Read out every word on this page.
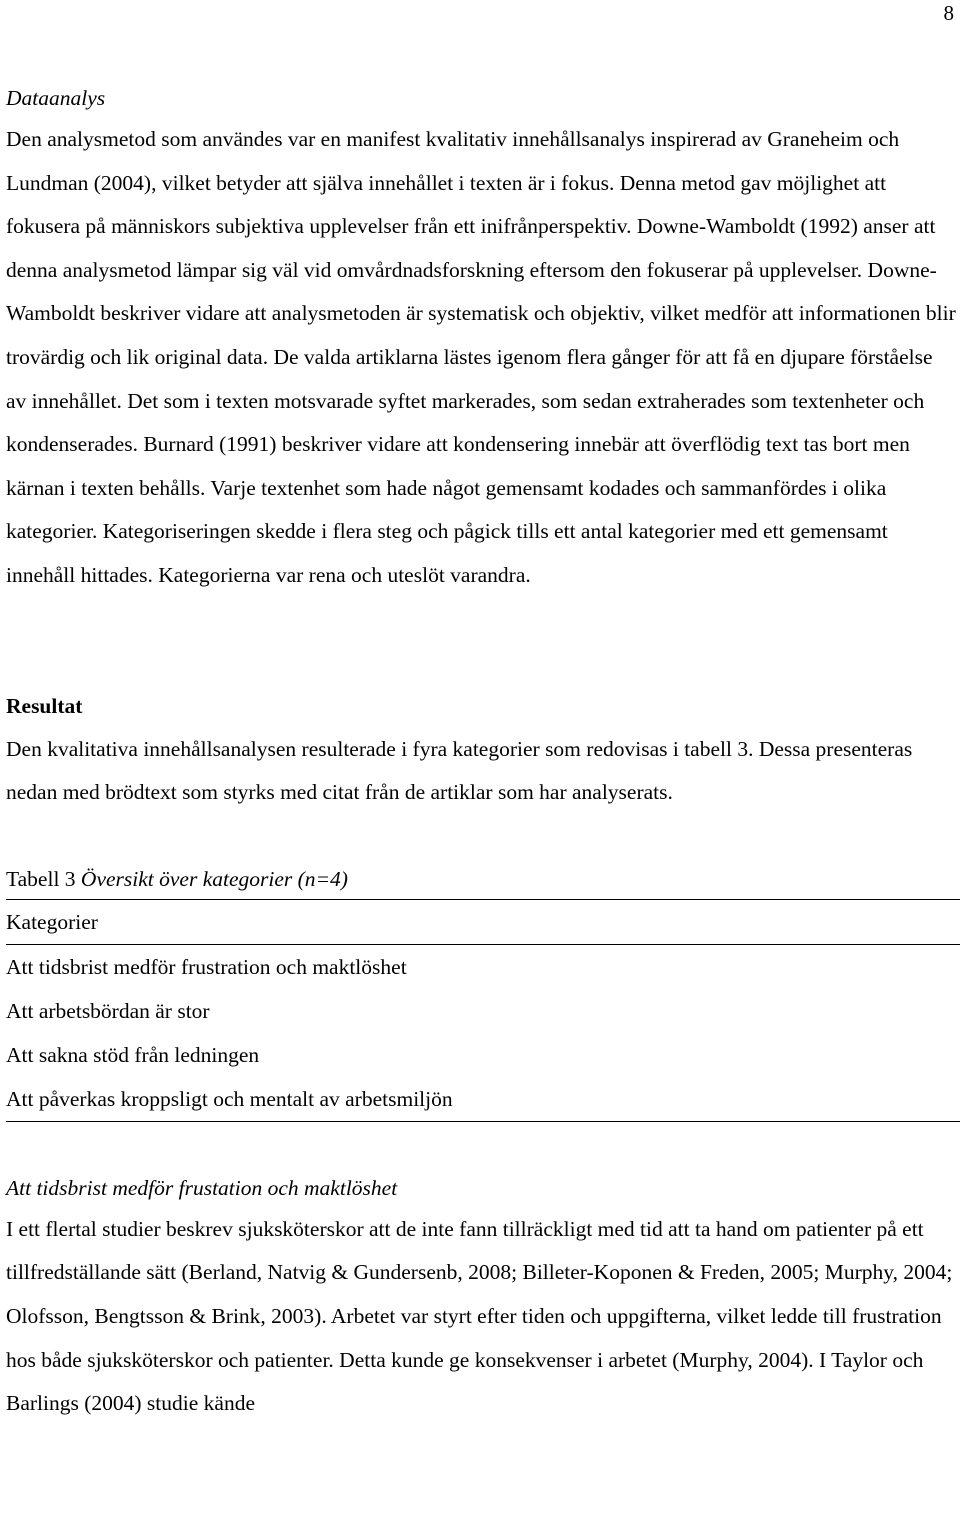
8

Dataanalys

Den analysmetod som användes var en manifest kvalitativ innehållsanalys inspirerad av Graneheim och Lundman (2004), vilket betyder att själva innehållet i texten är i fokus. Denna metod gav möjlighet att fokusera på människors subjektiva upplevelser från ett inifrånperspektiv. Downe-Wamboldt (1992) anser att denna analysmetod lämpar sig väl vid omvårdnadsforskning eftersom den fokuserar på upplevelser. Downe-Wamboldt beskriver vidare att analysmetoden är systematisk och objektiv, vilket medför att informationen blir trovärdig och lik original data. De valda artiklarna lästes igenom flera gånger för att få en djupare förståelse av innehållet. Det som i texten motsvarade syftet markerades, som sedan extraherades som textenheter och kondenserades. Burnard (1991) beskriver vidare att kondensering innebär att överflödig text tas bort men kärnan i texten behålls. Varje textenhet som hade något gemensamt kodades och sammanfördes i olika kategorier. Kategoriseringen skedde i flera steg och pågick tills ett antal kategorier med ett gemensamt innehåll hittades. Kategorierna var rena och uteslöt varandra.

Resultat

Den kvalitativa innehållsanalysen resulterade i fyra kategorier som redovisas i tabell 3. Dessa presenteras nedan med brödtext som styrks med citat från de artiklar som har analyserats.

Tabell 3 Översikt över kategorier (n=4)

Kategorier

Att tidsbrist medför frustration och maktlöshet

Att arbetsbördan är stor

Att sakna stöd från ledningen

Att påverkas kroppsligt och mentalt av arbetsmiljön

Att tidsbrist medför frustation och maktlöshet

I ett flertal studier beskrev sjuksköterskor att de inte fann tillräckligt med tid att ta hand om patienter på ett tillfredställande sätt (Berland, Natvig & Gundersenb, 2008; Billeter-Koponen & Freden, 2005; Murphy, 2004; Olofsson, Bengtsson & Brink, 2003). Arbetet var styrt efter tiden och uppgifterna, vilket ledde till frustration hos både sjuksköterskor och patienter. Detta kunde ge konsekvenser i arbetet (Murphy, 2004). I Taylor och Barlings (2004) studie kände
